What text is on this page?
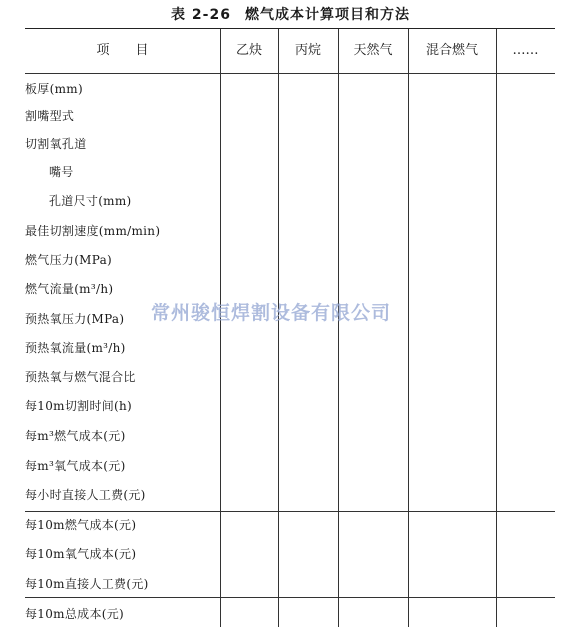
表 2-26 燃气成本计算项目和方法
项　　目	乙炔	丙烷	天然气	混合燃气	……
板厚(mm)
割嘴型式
切割氧孔道
嘴号
孔道尺寸(mm)
最佳切割速度(mm/min)
燃气压力(MPa)
燃气流量(m³/h)
预热氧压力(MPa)
预热氧流量(m³/h)
预热氧与燃气混合比
每10m切割时间(h)
每m³燃气成本(元)
每m³氧气成本(元)
每小时直接人工费(元)
每10m燃气成本(元)
每10m氧气成本(元)
每10m直接人工费(元)
每10m总成本(元)
常州骏恒焊割设备有限公司
